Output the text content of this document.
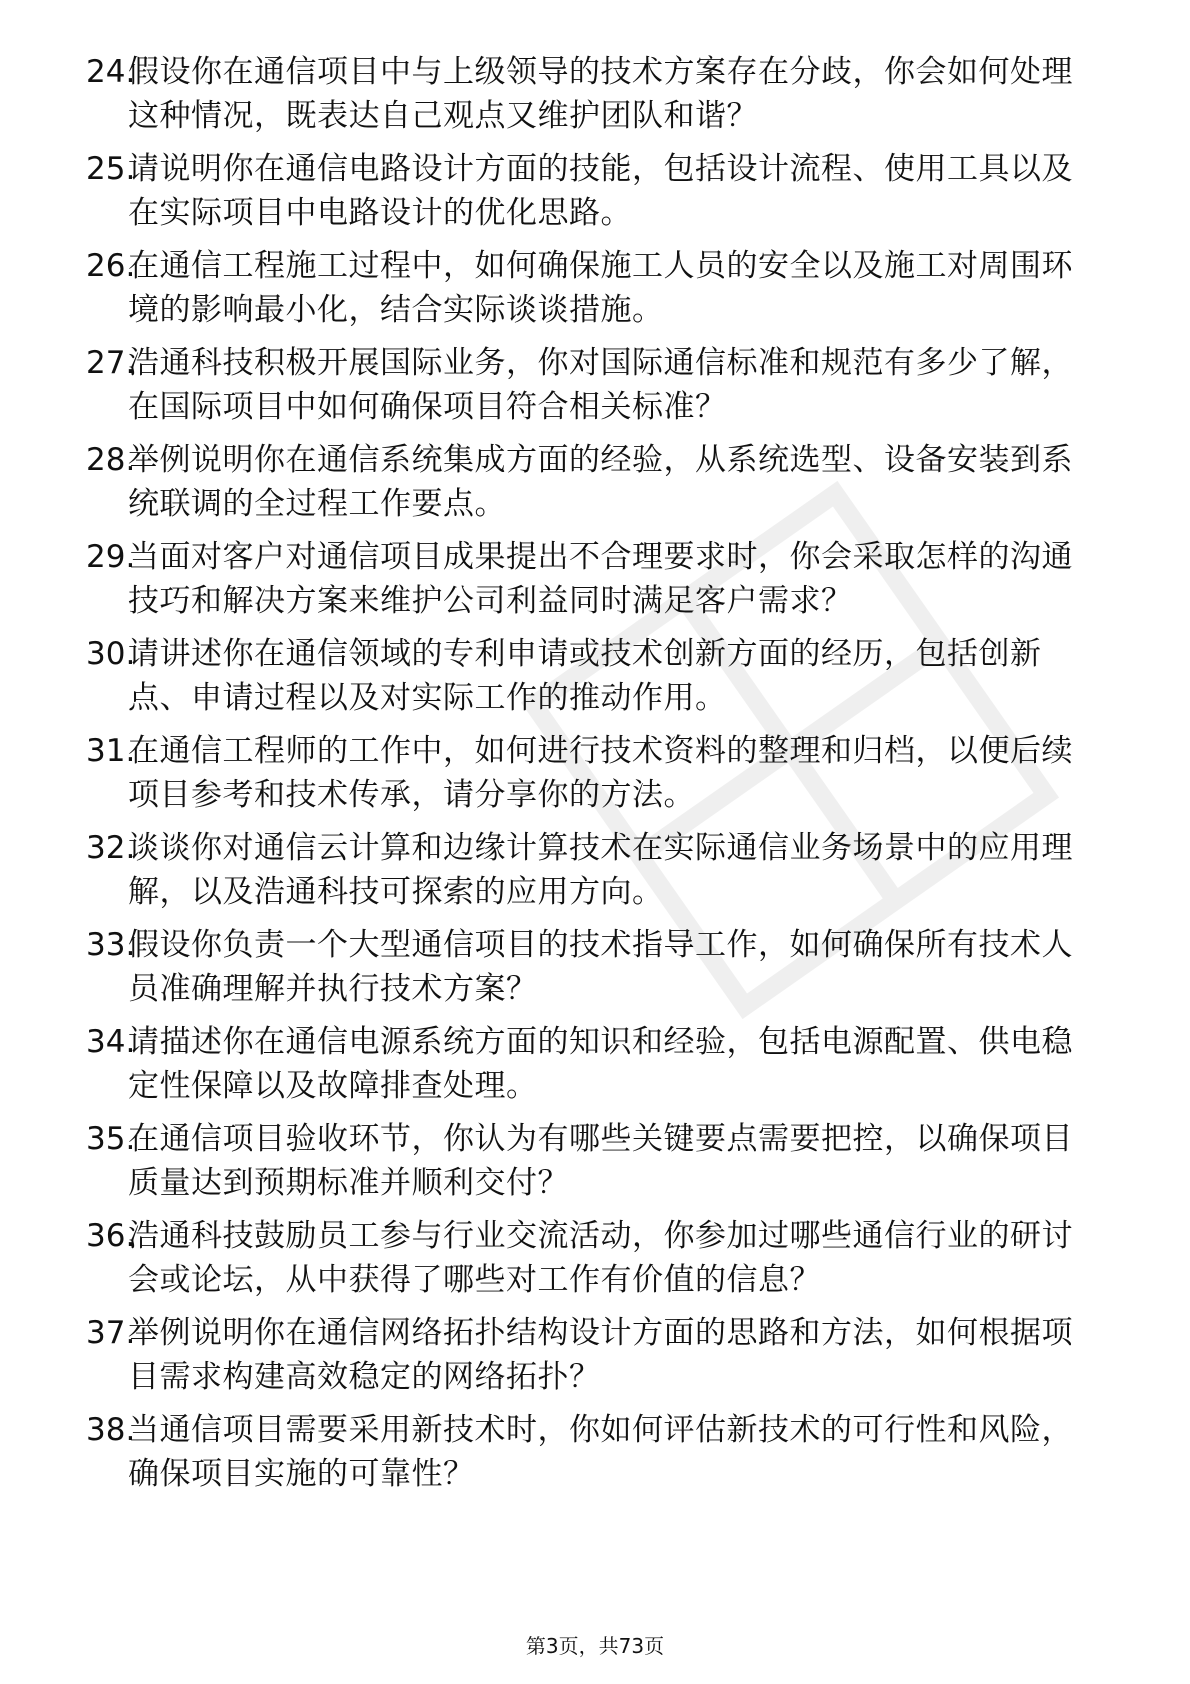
24.
假设你在通信项目中与上级领导的技术方案存在分歧，你会如何处理这种情况，既表达自己观点又维护团队和谐？
25.
请说明你在通信电路设计方面的技能，包括设计流程、使用工具以及在实际项目中电路设计的优化思路。
26.
在通信工程施工过程中，如何确保施工人员的安全以及施工对周围环境的影响最小化，结合实际谈谈措施。
27.
浩通科技积极开展国际业务，你对国际通信标准和规范有多少了解，在国际项目中如何确保项目符合相关标准？
28.
举例说明你在通信系统集成方面的经验，从系统选型、设备安装到系统联调的全过程工作要点。
29.
当面对客户对通信项目成果提出不合理要求时，你会采取怎样的沟通技巧和解决方案来维护公司利益同时满足客户需求？
30.
请讲述你在通信领域的专利申请或技术创新方面的经历，包括创新点、申请过程以及对实际工作的推动作用。
31.
在通信工程师的工作中，如何进行技术资料的整理和归档，以便后续项目参考和技术传承，请分享你的方法。
32.
谈谈你对通信云计算和边缘计算技术在实际通信业务场景中的应用理解，以及浩通科技可探索的应用方向。
33.
假设你负责一个大型通信项目的技术指导工作，如何确保所有技术人员准确理解并执行技术方案？
34.
请描述你在通信电源系统方面的知识和经验，包括电源配置、供电稳定性保障以及故障排查处理。
35.
在通信项目验收环节，你认为有哪些关键要点需要把控，以确保项目质量达到预期标准并顺利交付？
36.
浩通科技鼓励员工参与行业交流活动，你参加过哪些通信行业的研讨会或论坛，从中获得了哪些对工作有价值的信息？
37.
举例说明你在通信网络拓扑结构设计方面的思路和方法，如何根据项目需求构建高效稳定的网络拓扑？
38.
当通信项目需要采用新技术时，你如何评估新技术的可行性和风险，确保项目实施的可靠性？
第3页，共73页
